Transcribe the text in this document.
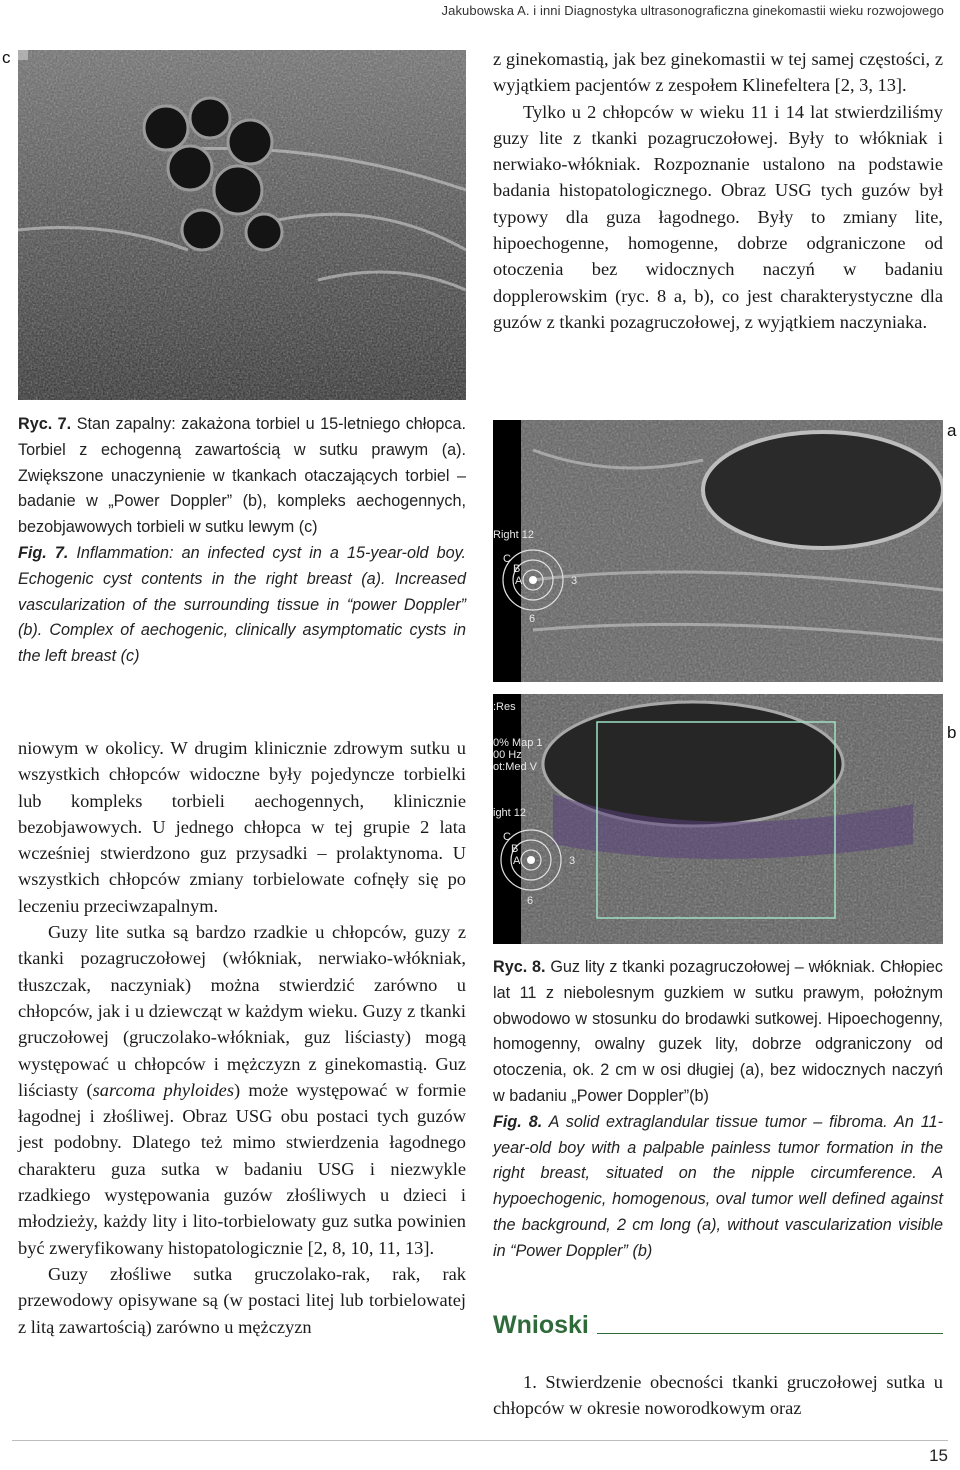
Jakubowska A. i inni Diagnostyka ultrasonograficzna ginekomastii wieku rozwojowego
c	z ginekomastią, jak bez ginekomastii w tej samej częstości, z wyjątkiem pacjentów z zespołem Klinefeltera [2, 3, 13].

Tylko u 2 chłopców w wieku 11 i 14 lat stwierdziliśmy guzy lite z tkanki pozagruczołowej. Były to włókniak i nerwiako-włókniak. Rozpoznanie ustalono na podstawie badania histopatologicznego. Obraz USG tych guzów był typowy dla guza łagodnego. Były to zmiany lite, hipoechogenne, homogenne, dobrze odgraniczone od otoczenia bez widocznych naczyń w badaniu dopplerowskim (ryc. 8 a, b), co jest charakterystyczne dla guzów z tkanki pozagruczołowej, z wyjątkiem naczyniaka.

Ryc. 7. Stan zapalny: zakażona torbiel u 15-letniego chłopca. Torbiel z echogenną zawartością w sutku prawym (a). Zwiększone unaczynienie w tkankach otaczających torbiel – badanie w „Power Doppler” (b), kompleks aechogennych, bezobjawowych torbieli w sutku lewym (c)

Fig. 7. Inflammation: an infected cyst in a 15-year-old boy. Echogenic cyst contents in the right breast (a). Increased vascularization of the surrounding tissue in “power Doppler” (b). Complex of aechogenic, clinically asymptomatic cysts in the left breast (c)

a
Right 12
C
B
A	3
6
b
:Res
0% Map 1
00 Hz
ot:Med V
ight 12
C
B
A	3
6

niowym w okolicy. W drugim klinicznie zdrowym sutku u wszystkich chłopców widoczne były pojedyncze torbielki lub kompleks torbieli aechogennych, klinicznie bezobjawowych. U jednego chłopca w tej grupie 2 lata wcześniej stwierdzono guz przysadki – prolaktynoma. U wszystkich chłopców zmiany torbielowate cofnęły się po leczeniu przeciwzapalnym.

Guzy lite sutka są bardzo rzadkie u chłopców, guzy z tkanki pozagruczołowej (włókniak, nerwiako-włókniak, tłuszczak, naczyniak) można stwierdzić zarówno u chłopców, jak i u dziewcząt w każdym wieku. Guzy z tkanki gruczołowej (gruczolako-włókniak, guz liściasty) mogą występować u chłopców i mężczyzn z ginekomastią. Guz liściasty (sarcoma phyloides) może występować w formie łagodnej i złośliwej. Obraz USG obu postaci tych guzów jest podobny. Dlatego też mimo stwierdzenia łagodnego charakteru guza sutka w badaniu USG i niezwykle rzadkiego występowania guzów złośliwych u dzieci i młodzieży, każdy lity i lito-torbielowaty guz sutka powinien być zweryfikowany histopatologicznie [2, 8, 10, 11, 13].

Guzy złośliwe sutka gruczolako-rak, rak, rak przewodowy opisywane są (w postaci litej lub torbielowatej z litą zawartością) zarówno u mężczyzn

Ryc. 8. Guz lity z tkanki pozagruczołowej – włókniak. Chłopiec lat 11 z niebolesnym guzkiem w sutku prawym, położnym obwodowo w stosunku do brodawki sutkowej. Hipoechogenny, homogenny, owalny guzek lity, dobrze odgraniczony od otoczenia, ok. 2 cm w osi długiej (a), bez widocznych naczyń w badaniu „Power Doppler”(b)

Fig. 8. A solid extraglandular tissue tumor – fibroma. An 11-year-old boy with a palpable painless tumor formation in the right breast, situated on the nipple circumference. A hypoechogenic, homogenous, oval tumor well defined against the background, 2 cm long (a), without vascularization visible in “Power Doppler” (b)

Wnioski

1. Stwierdzenie obecności tkanki gruczołowej sutka u chłopców w okresie noworodkowym oraz

15
